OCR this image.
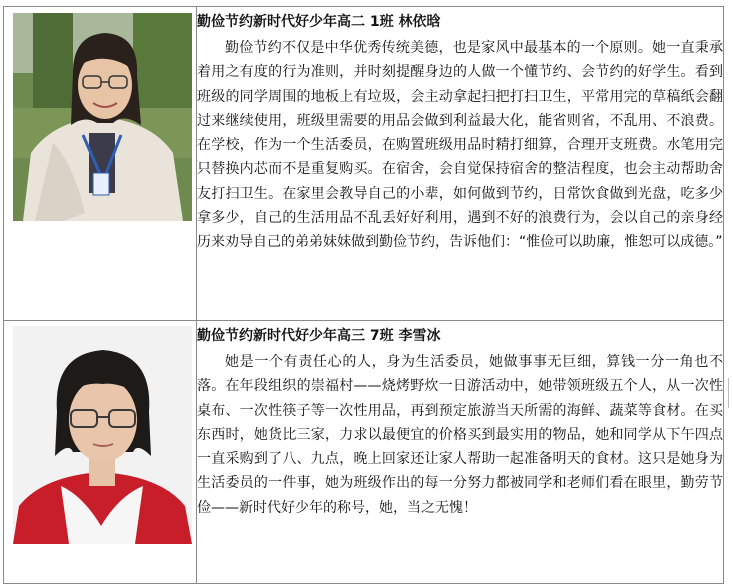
勤俭节约新时代好少年高二 1班 林依晗

勤俭节约不仅是中华优秀传统美德，也是家风中最基本的一个原则。她一直秉承着用之有度的行为准则，并时刻提醒身边的人做一个懂节约、会节约的好学生。看到班级的同学周围的地板上有垃圾，会主动拿起扫把打扫卫生，平常用完的草稿纸会翻过来继续使用，班级里需要的用品会做到利益最大化，能省则省，不乱用、不浪费。在学校，作为一个生活委员，在购置班级用品时精打细算，合理开支班费。水笔用完只替换内芯而不是重复购买。在宿舍，会自觉保持宿舍的整洁程度，也会主动帮助舍友打扫卫生。在家里会教导自己的小辈，如何做到节约，日常饮食做到光盘，吃多少拿多少，自己的生活用品不乱丢好好利用，遇到不好的浪费行为，会以自己的亲身经历来劝导自己的弟弟妹妹做到勤俭节约，告诉他们：“惟俭可以助廉，惟恕可以成德。”

勤俭节约新时代好少年高三 7班 李雪冰

她是一个有责任心的人，身为生活委员，她做事事无巨细，算钱一分一角也不落。在年段组织的崇福村——烧烤野炊一日游活动中，她带领班级五个人，从一次性桌布、一次性筷子等一次性用品，再到预定旅游当天所需的海鲜、蔬菜等食材。在买东西时，她货比三家，力求以最便宜的价格买到最实用的物品，她和同学从下午四点一直采购到了八、九点，晚上回家还让家人帮助一起准备明天的食材。这只是她身为生活委员的一件事，她为班级作出的每一分努力都被同学和老师们看在眼里，勤劳节俭——新时代好少年的称号，她，当之无愧！
